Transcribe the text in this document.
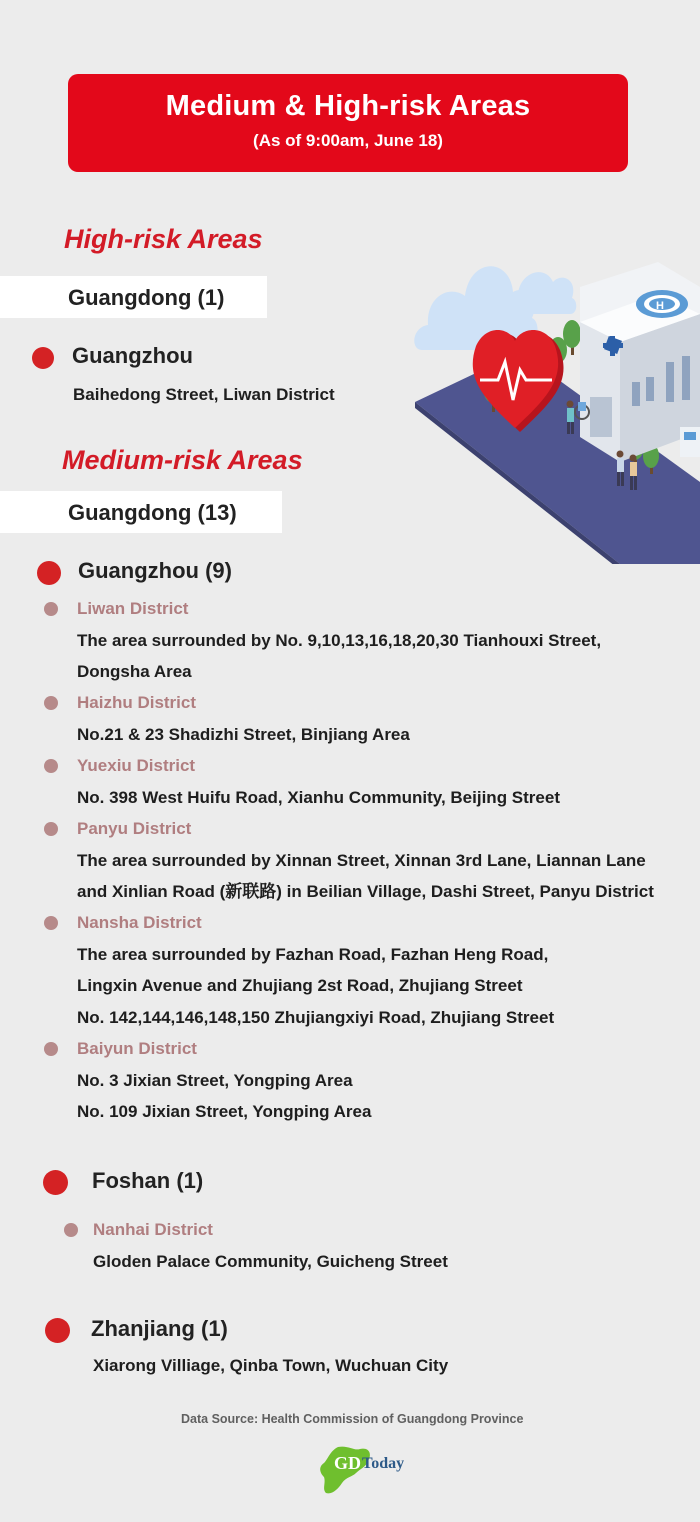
Medium & High-risk Areas
(As of 9:00am, June 18)
H
High-risk Areas
Guangdong (1)
Guangzhou
Baihedong Street, Liwan District
Medium-risk Areas
Guangdong (13)
Guangzhou (9)
Liwan District
The area surrounded by No. 9,10,13,16,18,20,30 Tianhouxi Street,
Dongsha Area
Haizhu District
No.21 & 23 Shadizhi Street, Binjiang Area
Yuexiu District
No. 398 West Huifu Road, Xianhu Community, Beijing Street
Panyu District
The area surrounded by Xinnan Street, Xinnan 3rd Lane, Liannan Lane
and Xinlian Road (新联路) in Beilian Village, Dashi Street, Panyu District
Nansha District
The area surrounded by Fazhan Road, Fazhan Heng Road,
Lingxin Avenue and Zhujiang 2st Road, Zhujiang Street
No. 142,144,146,148,150 Zhujiangxiyi Road, Zhujiang Street
Baiyun District
No. 3 Jixian Street, Yongping Area
No. 109 Jixian Street, Yongping Area
Foshan (1)
Nanhai District
Gloden Palace Community, Guicheng Street
Zhanjiang (1)
Xiarong Villiage, Qinba Town, Wuchuan City
Data Source: Health Commission of Guangdong Province
GD Today
